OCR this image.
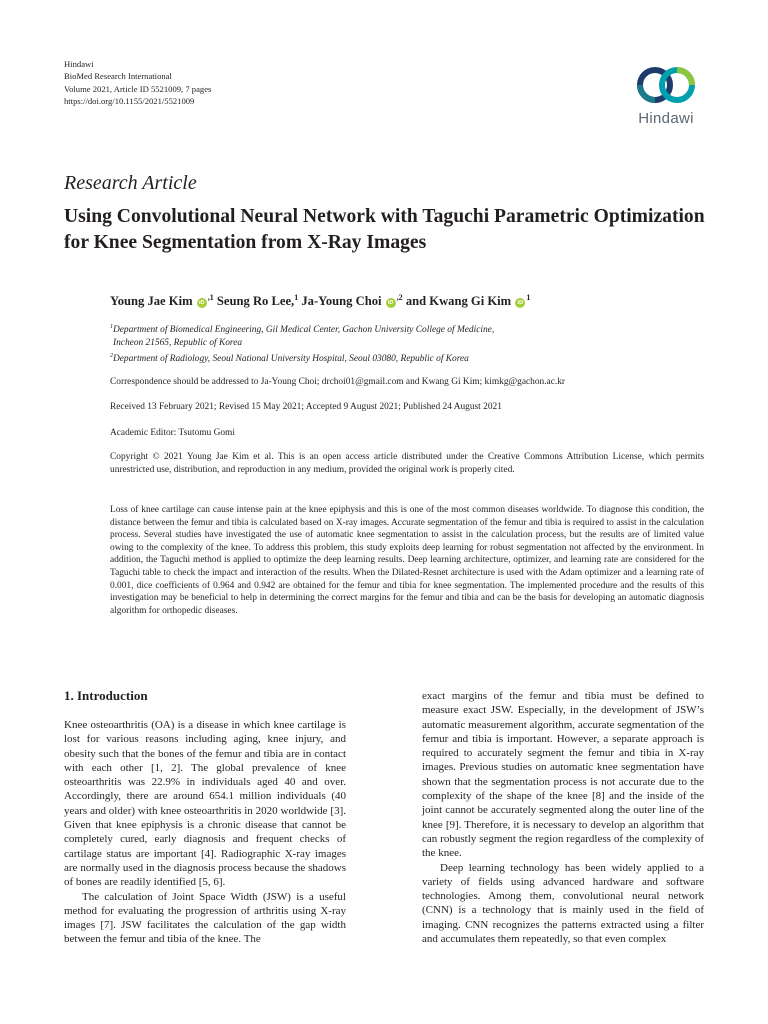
Hindawi
BioMed Research International
Volume 2021, Article ID 5521009, 7 pages
https://doi.org/10.1155/2021/5521009
Hindawi
Research Article
Using Convolutional Neural Network with Taguchi Parametric Optimization for Knee Segmentation from X-Ray Images
Young Jae Kim $iD^{,1}$ Seung Ro Lee,$^1$ Ja-Young Choi $iD^{,2}$ and Kwang Gi Kim $iD^1$
$^1$Department of Biomedical Engineering, Gil Medical Center, Gachon University College of Medicine,
Incheon 21565, Republic of Korea
$^2$Department of Radiology, Seoul National University Hospital, Seoul 03080, Republic of Korea
Correspondence should be addressed to Ja-Young Choi; drchoi01@gmail.com and Kwang Gi Kim; kimkg@gachon.ac.kr
Received 13 February 2021; Revised 15 May 2021; Accepted 9 August 2021; Published 24 August 2021
Academic Editor: Tsutomu Gomi
Copyright © 2021 Young Jae Kim et al. This is an open access article distributed under the Creative Commons Attribution License, which permits unrestricted use, distribution, and reproduction in any medium, provided the original work is properly cited.
Loss of knee cartilage can cause intense pain at the knee epiphysis and this is one of the most common diseases worldwide. To diagnose this condition, the distance between the femur and tibia is calculated based on X-ray images. Accurate segmentation of the femur and tibia is required to assist in the calculation process. Several studies have investigated the use of automatic knee segmentation to assist in the calculation process, but the results are of limited value owing to the complexity of the knee. To address this problem, this study exploits deep learning for robust segmentation not affected by the environment. In addition, the Taguchi method is applied to optimize the deep learning results. Deep learning architecture, optimizer, and learning rate are considered for the Taguchi table to check the impact and interaction of the results. When the Dilated-Resnet architecture is used with the Adam optimizer and a learning rate of 0.001, dice coefficients of 0.964 and 0.942 are obtained for the femur and tibia for knee segmentation. The implemented procedure and the results of this investigation may be beneficial to help in determining the correct margins for the femur and tibia and can be the basis for developing an automatic diagnosis algorithm for orthopedic diseases.
1. Introduction

Knee osteoarthritis (OA) is a disease in which knee cartilage is lost for various reasons including aging, knee injury, and obesity such that the bones of the femur and tibia are in contact with each other [1, 2]. The global prevalence of knee osteoarthritis was 22.9% in individuals aged 40 and over. Accordingly, there are around 654.1 million individuals (40 years and older) with knee osteoarthritis in 2020 worldwide [3]. Given that knee epiphysis is a chronic disease that cannot be completely cured, early diagnosis and frequent checks of cartilage status are important [4]. Radiographic X-ray images are normally used in the diagnosis process because the shadows of bones are readily identified [5, 6].

The calculation of Joint Space Width (JSW) is a useful method for evaluating the progression of arthritis using X-ray images [7]. JSW facilitates the calculation of the gap width between the femur and tibia of the knee. The

exact margins of the femur and tibia must be defined to measure exact JSW. Especially, in the development of JSW’s automatic measurement algorithm, accurate segmentation of the femur and tibia is important. However, a separate approach is required to accurately segment the femur and tibia in X-ray images. Previous studies on automatic knee segmentation have shown that the segmentation process is not accurate due to the complexity of the shape of the knee [8] and the inside of the joint cannot be accurately segmented along the outer line of the knee [9]. Therefore, it is necessary to develop an algorithm that can robustly segment the region regardless of the complexity of the knee.

Deep learning technology has been widely applied to a variety of fields using advanced hardware and software technologies. Among them, convolutional neural network (CNN) is a technology that is mainly used in the field of imaging. CNN recognizes the patterns extracted using a filter and accumulates them repeatedly, so that even complex
